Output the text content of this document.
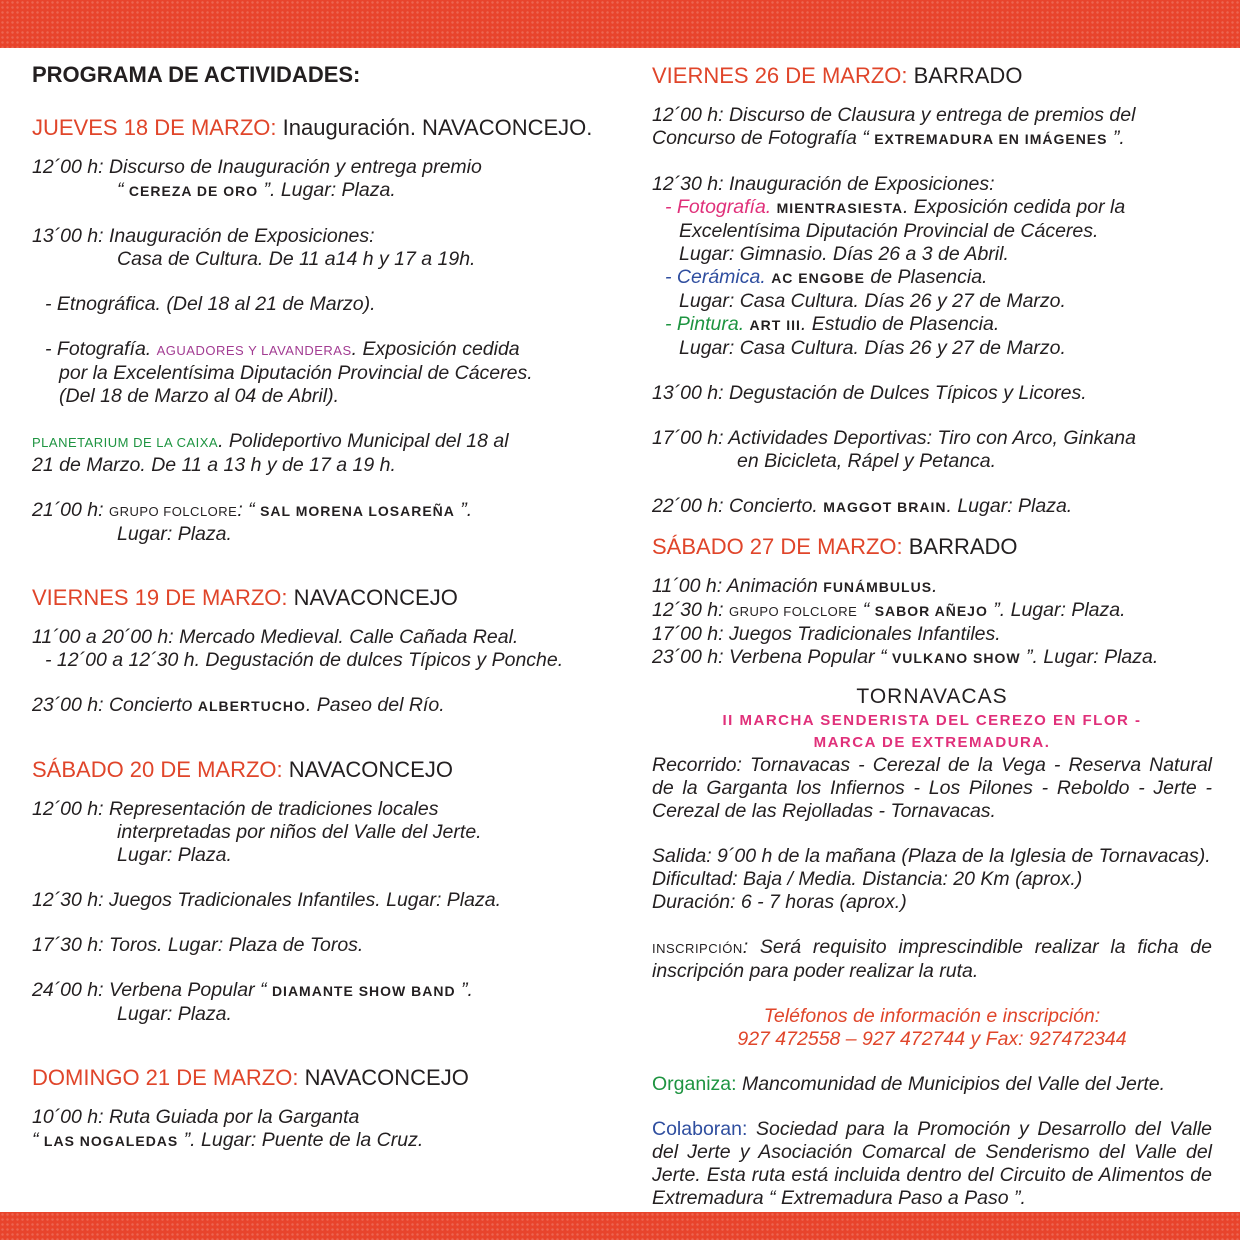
PROGRAMA DE ACTIVIDADES:

JUEVES 18 DE MARZO: Inauguración. NAVACONCEJO.

12´00 h: Discurso de Inauguración y entrega premio

“ CEREZA DE ORO ”. Lugar: Plaza.

13´00 h: Inauguración de Exposiciones:

Casa de Cultura. De 11 a14 h y 17 a 19h.

- Etnográfica. (Del 18 al 21 de Marzo).

- Fotografía. AGUADORES Y LAVANDERAS. Exposición cedida

por la Excelentísima Diputación Provincial de Cáceres.

(Del 18 de Marzo al 04 de Abril).

PLANETARIUM DE LA CAIXA. Polideportivo Municipal del 18 al

21 de Marzo. De 11 a 13 h y de 17 a 19 h.

21´00 h: GRUPO FOLCLORE: “ SAL MORENA LOSAREÑA ”.

Lugar: Plaza.

VIERNES 19 DE MARZO: NAVACONCEJO

11´00 a 20´00 h: Mercado Medieval. Calle Cañada Real.

- 12´00 a 12´30 h. Degustación de dulces Típicos y Ponche.

23´00 h: Concierto ALBERTUCHO. Paseo del Río.

SÁBADO 20 DE MARZO: NAVACONCEJO

12´00 h: Representación de tradiciones locales

interpretadas por niños del Valle del Jerte.

Lugar: Plaza.

12´30 h: Juegos Tradicionales Infantiles. Lugar: Plaza.

17´30 h: Toros. Lugar: Plaza de Toros.

24´00 h: Verbena Popular “ DIAMANTE SHOW BAND ”.

Lugar: Plaza.

DOMINGO 21 DE MARZO: NAVACONCEJO

10´00 h: Ruta Guiada por la Garganta

“ LAS NOGALEDAS ”. Lugar: Puente de la Cruz.

VIERNES 26 DE MARZO: BARRADO

12´00 h: Discurso de Clausura y entrega de premios del

Concurso de Fotografía “ EXTREMADURA EN IMÁGENES ”.

12´30 h: Inauguración de Exposiciones:

- Fotografía. MIENTRASIESTA. Exposición cedida por la

Excelentísima Diputación Provincial de Cáceres.

Lugar: Gimnasio. Días 26 a 3 de Abril.

- Cerámica. AC ENGOBE de Plasencia.

Lugar: Casa Cultura. Días 26 y 27 de Marzo.

- Pintura. ART III. Estudio de Plasencia.

Lugar: Casa Cultura. Días 26 y 27 de Marzo.

13´00 h: Degustación de Dulces Típicos y Licores.

17´00 h: Actividades Deportivas: Tiro con Arco, Ginkana

en Bicicleta, Rápel y Petanca.

22´00 h: Concierto. MAGGOT BRAIN. Lugar: Plaza.

SÁBADO 27 DE MARZO: BARRADO

11´00 h: Animación FUNÁMBULUS.

12´30 h: GRUPO FOLCLORE “ SABOR AÑEJO ”. Lugar: Plaza.

17´00 h: Juegos Tradicionales Infantiles.

23´00 h: Verbena Popular “ VULKANO SHOW ”. Lugar: Plaza.

TORNAVACAS

II MARCHA SENDERISTA DEL CEREZO EN FLOR -

MARCA DE EXTREMADURA.

Recorrido: Tornavacas - Cerezal de la Vega - Reserva Natural de la Garganta los Infiernos - Los Pilones - Reboldo - Jerte - Cerezal de las Rejolladas - Tornavacas.

Salida: 9´00 h de la mañana (Plaza de la Iglesia de Tornavacas).

Dificultad: Baja / Media. Distancia: 20 Km (aprox.)

Duración: 6 - 7 horas (aprox.)

INSCRIPCIÓN: Será requisito imprescindible realizar la ficha de inscripción para poder realizar la ruta.

Teléfonos de información e inscripción:

927 472558 – 927 472744 y Fax: 927472344

Organiza: Mancomunidad de Municipios del Valle del Jerte.

Colaboran: Sociedad para la Promoción y Desarrollo del Valle del Jerte y Asociación Comarcal de Senderismo del Valle del Jerte. Esta ruta está incluida dentro del Circuito de Alimentos de Extremadura “ Extremadura Paso a Paso ”.
